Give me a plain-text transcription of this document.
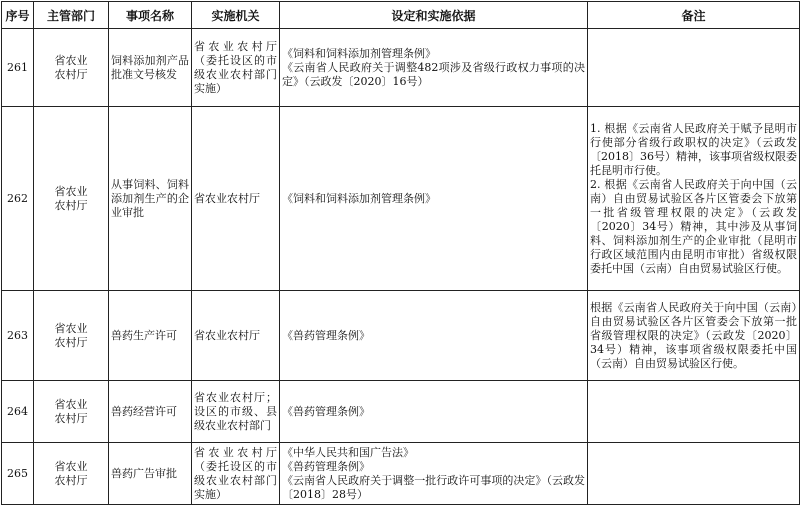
序号	主管部门	事项名称	实施机关	设定和实施依据	备注
261	省农业
农村厅	饲料添加剂产品批准文号核发	省农业农村厅（委托设区的市级农业农村部门实施）	《饲料和饲料添加剂管理条例》
《云南省人民政府关于调整482项涉及省级行政权力事项的决定》（云政发〔2020〕16号）	

262	省农业
农村厅	从事饲料、饲料添加剂生产的企业审批	省农业农村厅	《饲料和饲料添加剂管理条例》	1. 根据《云南省人民政府关于赋予昆明市行使部分省级行政职权的决定》（云政发〔2018〕36号）精神，该事项省级权限委托昆明市行使。
2. 根据《云南省人民政府关于向中国（云南）自由贸易试验区各片区管委会下放第一批省级管理权限的决定》（云政发〔2020〕34号）精神，其中涉及从事饲料、饲料添加剂生产的企业审批（昆明市行政区域范围内由昆明市审批）省级权限委托中国（云南）自由贸易试验区行使。

263	省农业
农村厅	兽药生产许可	省农业农村厅	《兽药管理条例》	根据《云南省人民政府关于向中国（云南）自由贸易试验区各片区管委会下放第一批省级管理权限的决定》（云政发〔2020〕34号）精神，该事项省级权限委托中国（云南）自由贸易试验区行使。

264	省农业
农村厅	兽药经营许可	省农业农村厅；设区的市级、县级农业农村部门	《兽药管理条例》	

265	省农业
农村厅	兽药广告审批	省农业农村厅（委托设区的市级农业农村部门实施）	《中华人民共和国广告法》
《兽药管理条例》
《云南省人民政府关于调整一批行政许可事项的决定》（云政发〔2018〕28号）	
